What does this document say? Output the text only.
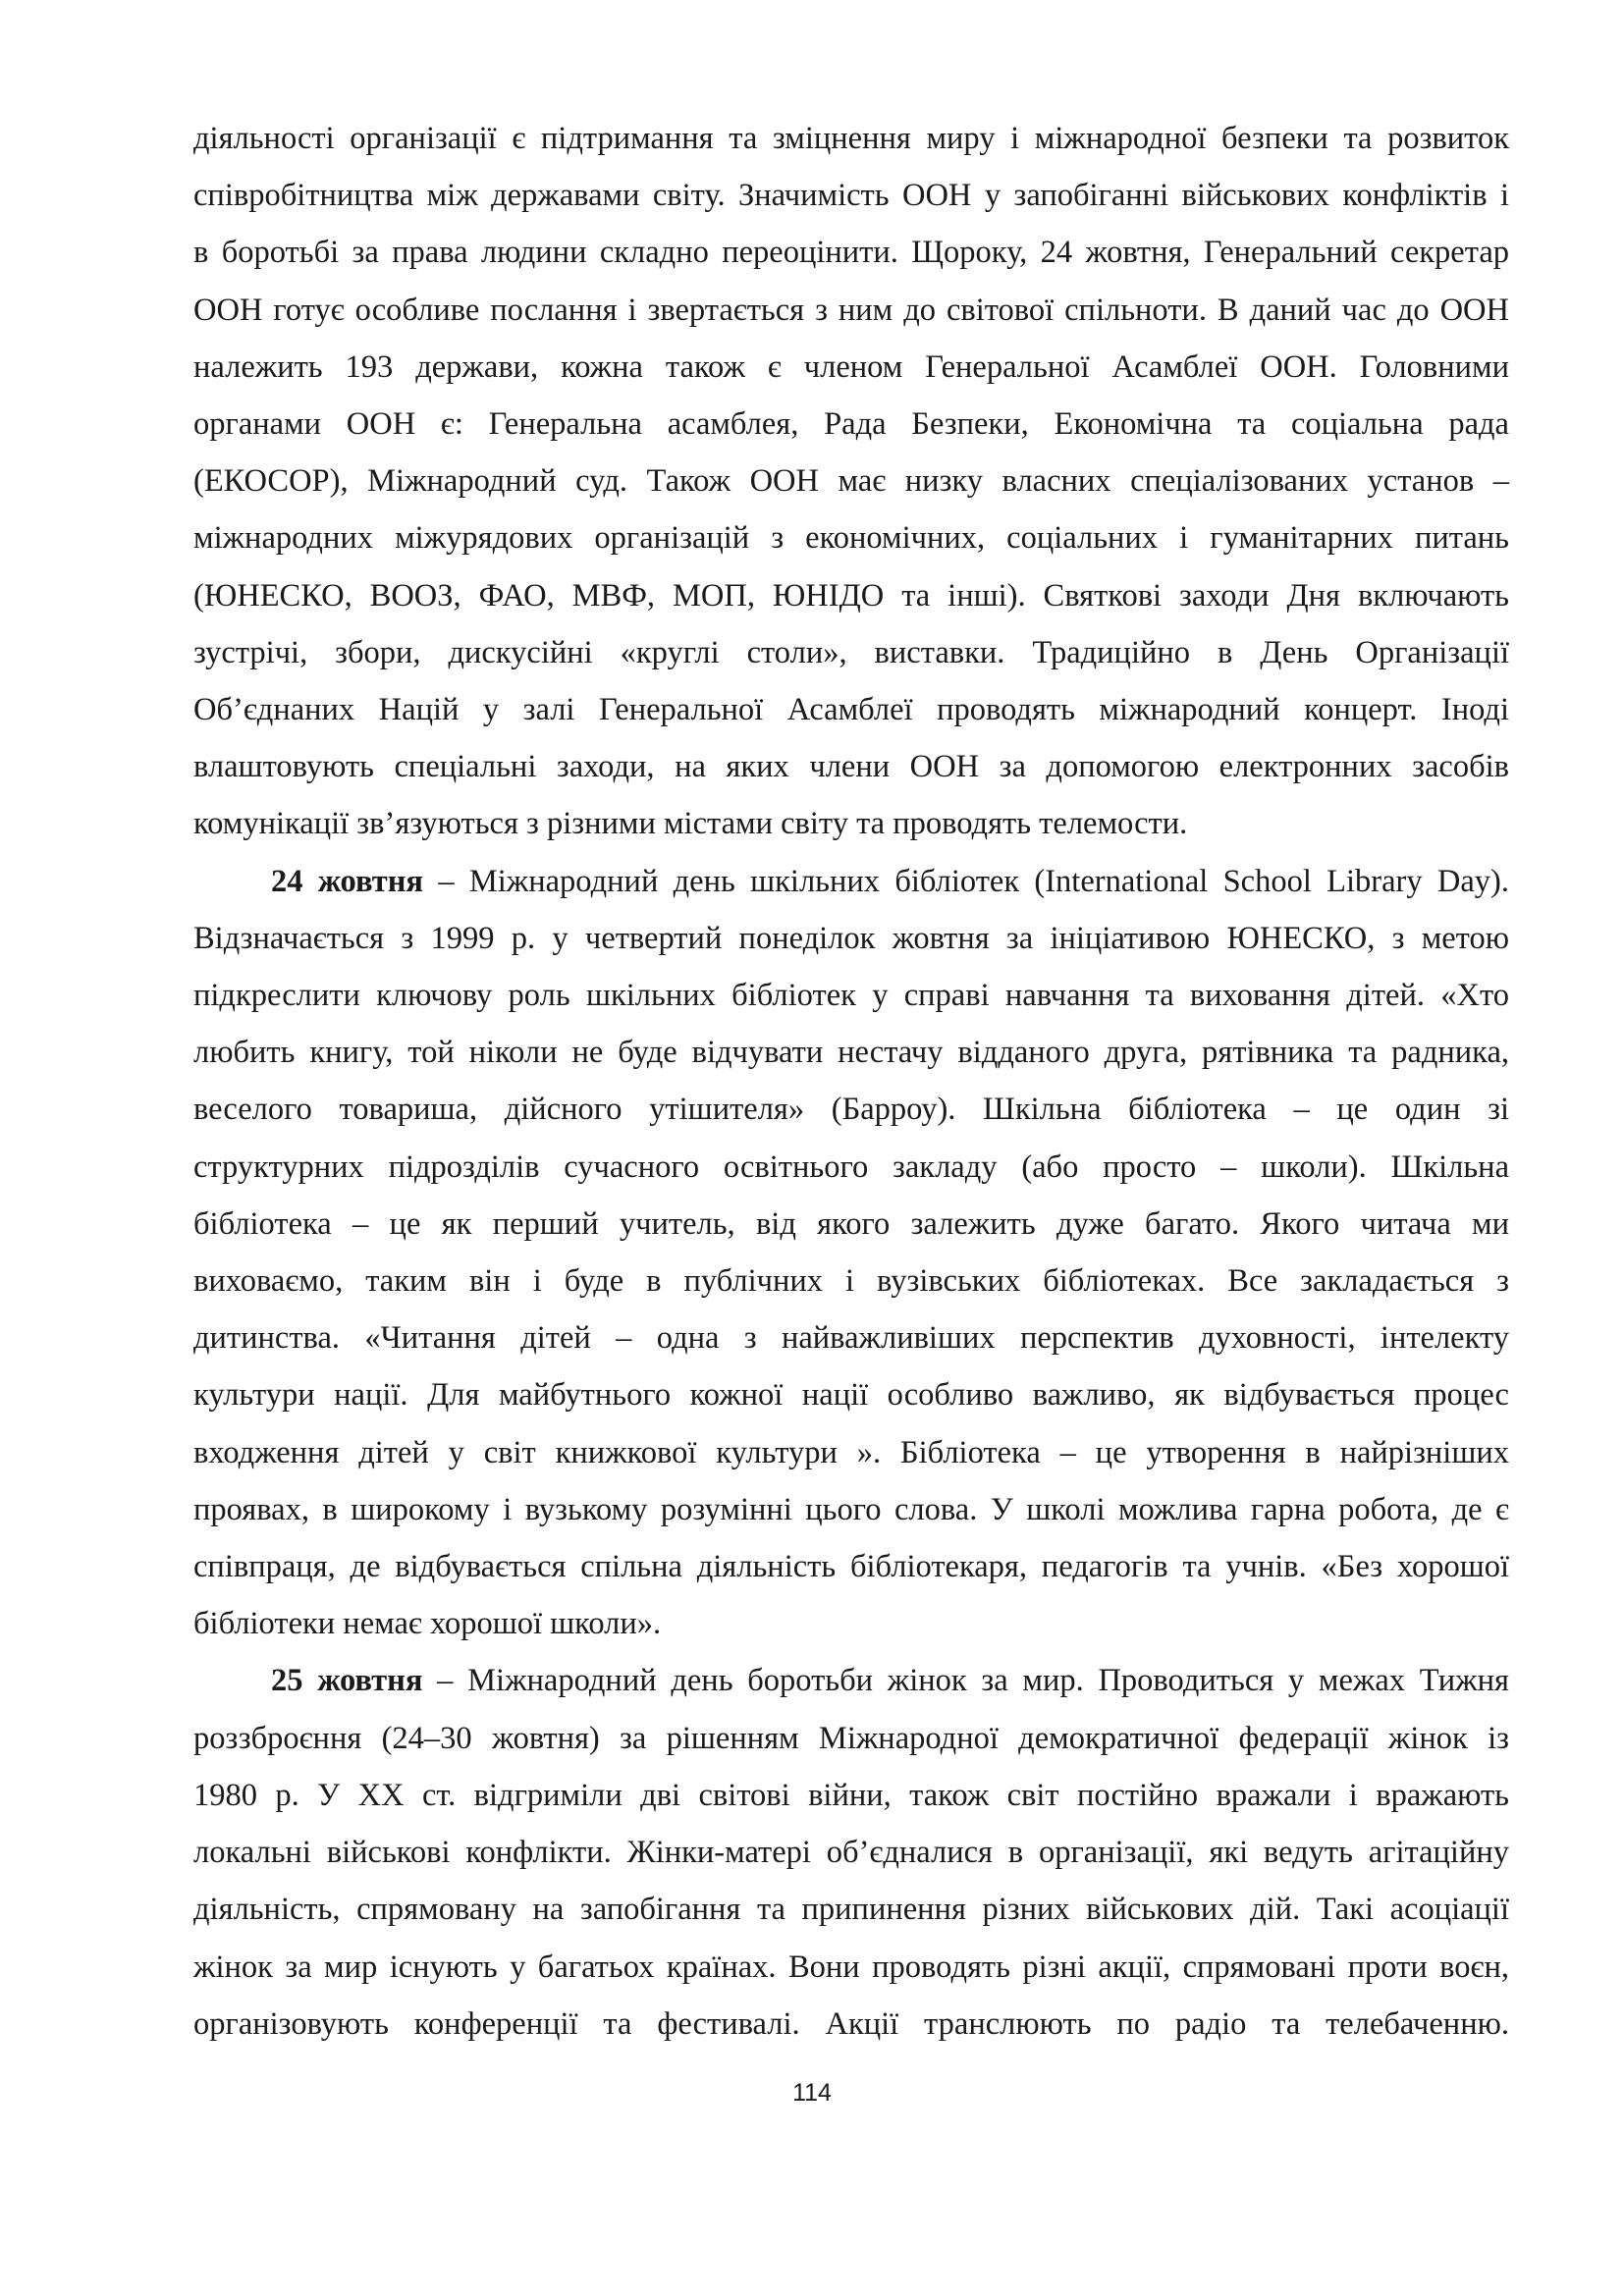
діяльності організації є підтримання та зміцнення миру і міжнародної безпеки та розвиток

співробітництва між державами світу. Значимість ООН у запобіганні військових конфліктів і

в боротьбі за права людини складно переоцінити. Щороку, 24 жовтня, Генеральний секретар

ООН готує особливе послання і звертається з ним до світової спільноти. В даний час до ООН

належить 193 держави, кожна також є членом Генеральної Асамблеї ООН. Головними

органами ООН є: Генеральна асамблея, Рада Безпеки, Економічна та соціальна рада

(ЕКОСОР), Міжнародний суд. Також ООН має низку власних спеціалізованих установ –

міжнародних міжурядових організацій з економічних, соціальних і гуманітарних питань

(ЮНЕСКО, ВООЗ, ФАО, МВФ, МОП, ЮНІДО та інші). Святкові заходи Дня включають

зустрічі, збори, дискусійні «круглі столи», виставки. Традиційно в День Організації

Об’єднаних Націй у залі Генеральної Асамблеї проводять міжнародний концерт. Іноді

влаштовують спеціальні заходи, на яких члени ООН за допомогою електронних засобів

комунікації зв’язуються з різними містами світу та проводять телемости.

24 жовтня – Міжнародний день шкільних бібліотек (International School Library Day).

Відзначається з 1999 р. у четвертий понеділок жовтня за ініціативою ЮНЕСКО, з метою

підкреслити ключову роль шкільних бібліотек у справі навчання та виховання дітей. «Хто

любить книгу, той ніколи не буде відчувати нестачу відданого друга, рятівника та радника,

веселого товариша, дійсного утішителя» (Барроу). Шкільна бібліотека – це один зі

структурних підрозділів сучасного освітнього закладу (або просто – школи). Шкільна

бібліотека – це як перший учитель, від якого залежить дуже багато. Якого читача ми

виховаємо, таким він і буде в публічних і вузівських бібліотеках. Все закладається з

дитинства. «Читання дітей – одна з найважливіших перспектив духовності, інтелекту

культури нації. Для майбутнього кожної нації особливо важливо, як відбувається процес

входження дітей у світ книжкової культури ». Бібліотека – це утворення в найрізніших

проявах, в широкому і вузькому розумінні цього слова. У школі можлива гарна робота, де є

співпраця, де відбувається спільна діяльність бібліотекаря, педагогів та учнів. «Без хорошої

бібліотеки немає хорошої школи».

25 жовтня – Міжнародний день боротьби жінок за мир. Проводиться у межах Тижня

роззброєння (24–30 жовтня) за рішенням Міжнародної демократичної федерації жінок із

1980 р. У XX ст. відгриміли дві світові війни, також світ постійно вражали і вражають

локальні військові конфлікти. Жінки-матері об’єдналися в організації, які ведуть агітаційну

діяльність, спрямовану на запобігання та припинення різних військових дій. Такі асоціації

жінок за мир існують у багатьох країнах. Вони проводять різні акції, спрямовані проти воєн,

організовують конференції та фестивалі. Акції транслюють по радіо та телебаченню.

114
